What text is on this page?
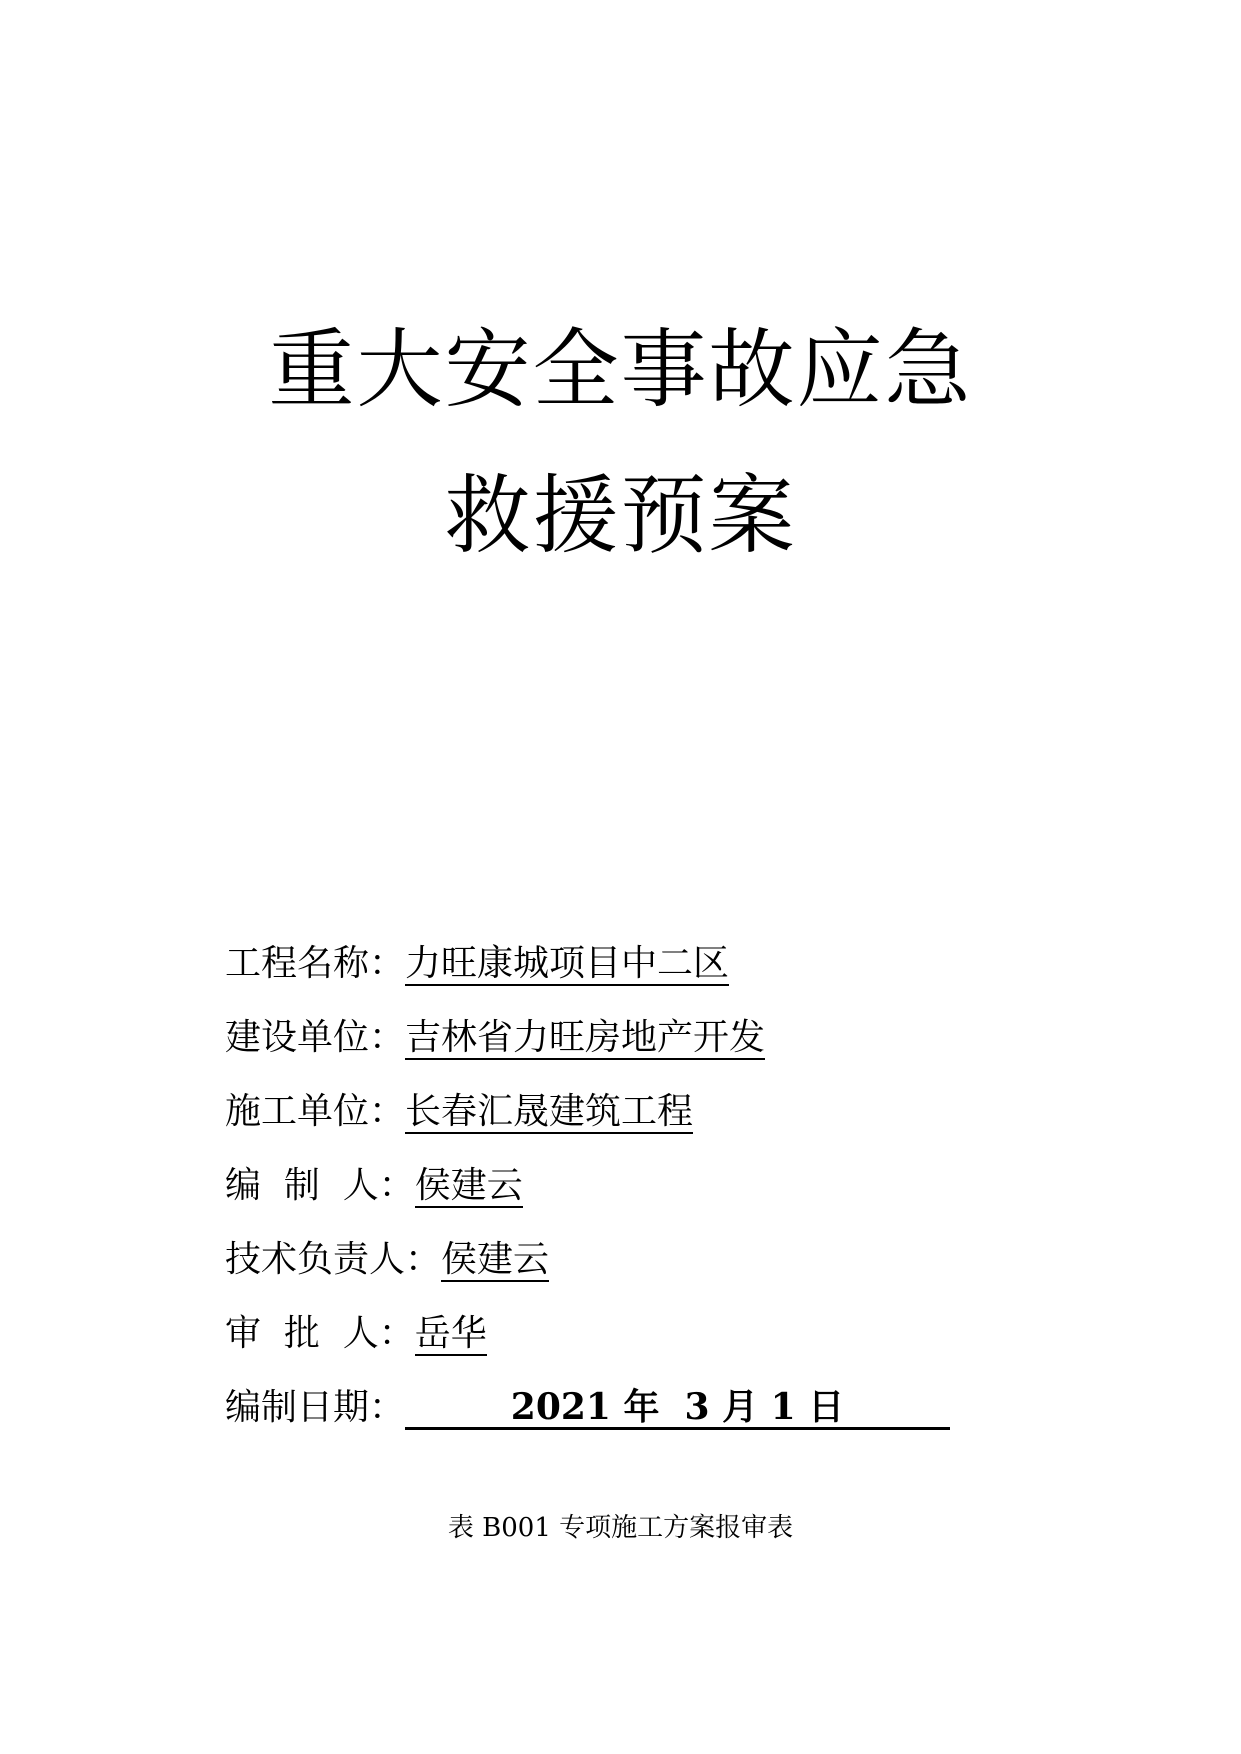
重大安全事故应急
救援预案
工程名称： 力旺康城项目中二区
建设单位： 吉林省力旺房地产开发
施工单位： 长春汇晟建筑工程
编  制  人： 侯建云
技术负责人： 侯建云
审  批  人： 岳华
编制日期：	2021 年  3 月 1 日
表 B001 专项施工方案报审表
